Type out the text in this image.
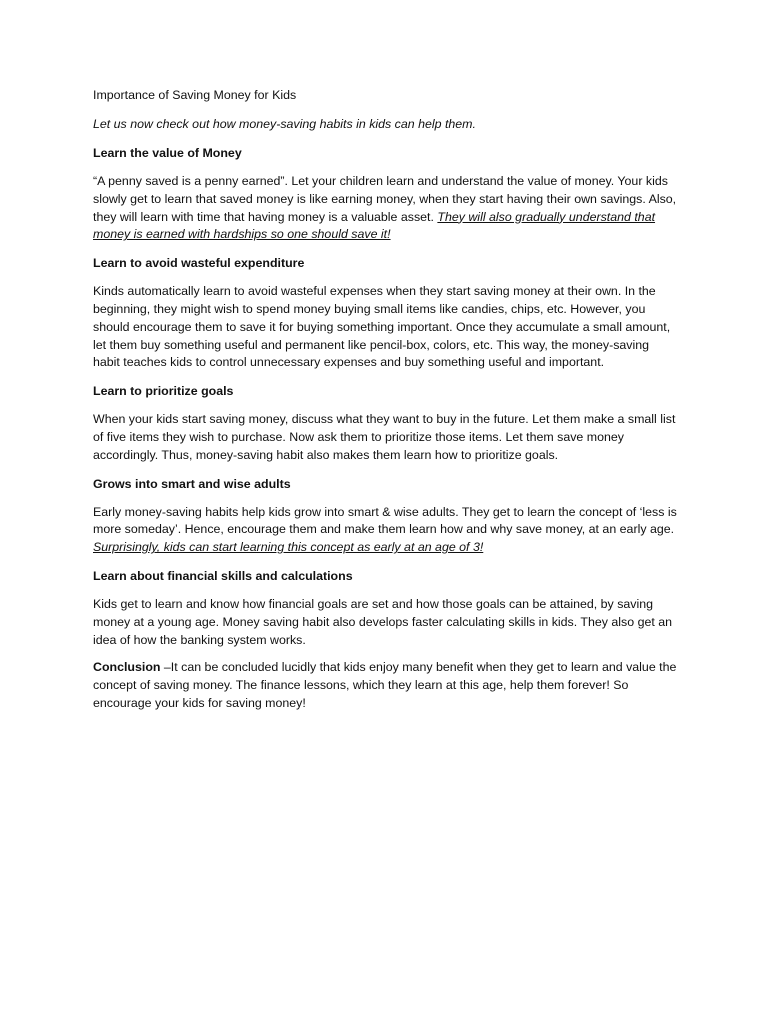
Importance of Saving Money for Kids

Let us now check out how money-saving habits in kids can help them.

Learn the value of Money

“A penny saved is a penny earned”. Let your children learn and understand the value of money. Your kids slowly get to learn that saved money is like earning money, when they start having their own savings. Also, they will learn with time that having money is a valuable asset. They will also gradually understand that money is earned with hardships so one should save it!

Learn to avoid wasteful expenditure

Kinds automatically learn to avoid wasteful expenses when they start saving money at their own. In the beginning, they might wish to spend money buying small items like candies, chips, etc. However, you should encourage them to save it for buying something important. Once they accumulate a small amount, let them buy something useful and permanent like pencil-box, colors, etc. This way, the money-saving habit teaches kids to control unnecessary expenses and buy something useful and important.

Learn to prioritize goals

When your kids start saving money, discuss what they want to buy in the future. Let them make a small list of five items they wish to purchase. Now ask them to prioritize those items. Let them save money accordingly. Thus, money-saving habit also makes them learn how to prioritize goals.

Grows into smart and wise adults

Early money-saving habits help kids grow into smart & wise adults. They get to learn the concept of ‘less is more someday’. Hence, encourage them and make them learn how and why save money, at an early age. Surprisingly, kids can start learning this concept as early at an age of 3!

Learn about financial skills and calculations

Kids get to learn and know how financial goals are set and how those goals can be attained, by saving money at a young age. Money saving habit also develops faster calculating skills in kids. They also get an idea of how the banking system works.

Conclusion –It can be concluded lucidly that kids enjoy many benefit when they get to learn and value the concept of saving money. The finance lessons, which they learn at this age, help them forever! So encourage your kids for saving money!
